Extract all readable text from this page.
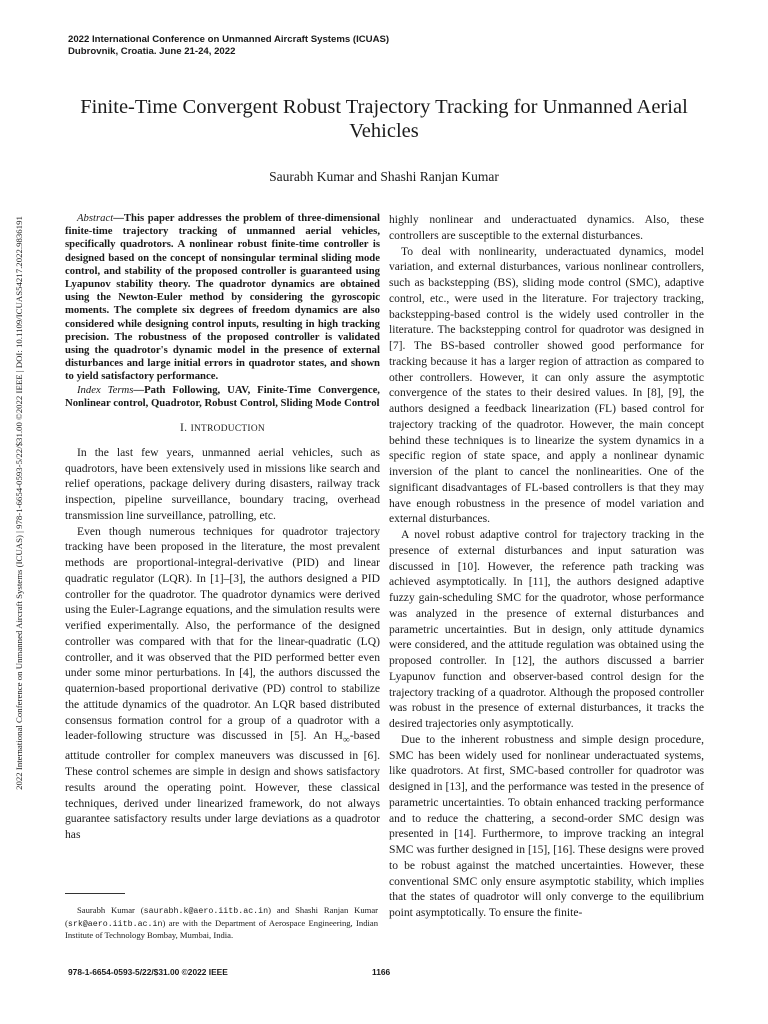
2022 International Conference on Unmanned Aircraft Systems (ICUAS)
Dubrovnik, Croatia. June 21-24, 2022
Finite-Time Convergent Robust Trajectory Tracking for Unmanned Aerial Vehicles
Saurabh Kumar and Shashi Ranjan Kumar
2022 International Conference on Unmanned Aircraft Systems (ICUAS) | 978-1-6654-0593-5/22/$31.00 ©2022 IEEE | DOI: 10.1109/ICUAS54217.2022.9836191	Abstract—This paper addresses the problem of three-dimensional finite-time trajectory tracking of unmanned aerial vehicles, specifically quadrotors. A nonlinear robust finite-time controller is designed based on the concept of nonsingular terminal sliding mode control, and stability of the proposed controller is guaranteed using Lyapunov stability theory. The quadrotor dynamics are obtained using the Newton-Euler method by considering the gyroscopic moments. The complete six degrees of freedom dynamics are also considered while designing control inputs, resulting in high tracking precision. The robustness of the proposed controller is validated using the quadrotor's dynamic model in the presence of external disturbances and large initial errors in quadrotor states, and shown to yield satisfactory performance.

Index Terms—Path Following, UAV, Finite-Time Convergence, Nonlinear control, Quadrotor, Robust Control, Sliding Mode Control

I. INTRODUCTION

In the last few years, unmanned aerial vehicles, such as quadrotors, have been extensively used in missions like search and relief operations, package delivery during disasters, railway track inspection, pipeline surveillance, boundary tracing, overhead transmission line surveillance, patrolling, etc.

Even though numerous techniques for quadrotor trajectory tracking have been proposed in the literature, the most prevalent methods are proportional-integral-derivative (PID) and linear quadratic regulator (LQR). In [1]–[3], the authors designed a PID controller for the quadrotor. The quadrotor dynamics were derived using the Euler-Lagrange equations, and the simulation results were verified experimentally. Also, the performance of the designed controller was compared with that for the linear-quadratic (LQ) controller, and it was observed that the PID performed better even under some minor perturbations. In [4], the authors discussed the quaternion-based proportional derivative (PD) control to stabilize the attitude dynamics of the quadrotor. An LQR based distributed consensus formation control for a group of a quadrotor with a leader-following structure was discussed in [5]. An $H_\infty$-based attitude controller for complex maneuvers was discussed in [6]. These control schemes are simple in design and shows satisfactory results around the operating point. However, these classical techniques, derived under linearized framework, do not always guarantee satisfactory results under large deviations as a quadrotor has

highly nonlinear and underactuated dynamics. Also, these controllers are susceptible to the external disturbances.

To deal with nonlinearity, underactuated dynamics, model variation, and external disturbances, various nonlinear controllers, such as backstepping (BS), sliding mode control (SMC), adaptive control, etc., were used in the literature. For trajectory tracking, backstepping-based control is the widely used controller in the literature. The backstepping control for quadrotor was designed in [7]. The BS-based controller showed good performance for tracking because it has a larger region of attraction as compared to other controllers. However, it can only assure the asymptotic convergence of the states to their desired values. In [8], [9], the authors designed a feedback linearization (FL) based control for trajectory tracking of the quadrotor. However, the main concept behind these techniques is to linearize the system dynamics in a specific region of state space, and apply a nonlinear dynamic inversion of the plant to cancel the nonlinearities. One of the significant disadvantages of FL-based controllers is that they may have enough robustness in the presence of model variation and external disturbances.

A novel robust adaptive control for trajectory tracking in the presence of external disturbances and input saturation was discussed in [10]. However, the reference path tracking was achieved asymptotically. In [11], the authors designed adaptive fuzzy gain-scheduling SMC for the quadrotor, whose performance was analyzed in the presence of external disturbances and parametric uncertainties. But in design, only attitude dynamics were considered, and the attitude regulation was obtained using the proposed controller. In [12], the authors discussed a barrier Lyapunov function and observer-based control design for the trajectory tracking of a quadrotor. Although the proposed controller was robust in the presence of external disturbances, it tracks the desired trajectories only asymptotically.

Due to the inherent robustness and simple design procedure, SMC has been widely used for nonlinear underactuated systems, like quadrotors. At first, SMC-based controller for quadrotor was designed in [13], and the performance was tested in the presence of parametric uncertainties. To obtain enhanced tracking performance and to reduce the chattering, a second-order SMC design was presented in [14]. Furthermore, to improve tracking an integral SMC was further designed in [15], [16]. These designs were proved to be robust against the matched uncertainties. However, these conventional SMC only ensure asymptotic stability, which implies that the states of quadrotor will only converge to the equilibrium point asymptotically. To ensure the finite-

Saurabh Kumar (saurabh.k@aero.iitb.ac.in) and Shashi Ranjan Kumar (srk@aero.iitb.ac.in) are with the Department of Aerospace Engineering, Indian Institute of Technology Bombay, Mumbai, India.

978-1-6654-0593-5/22/$31.00 ©2022 IEEE	1166
